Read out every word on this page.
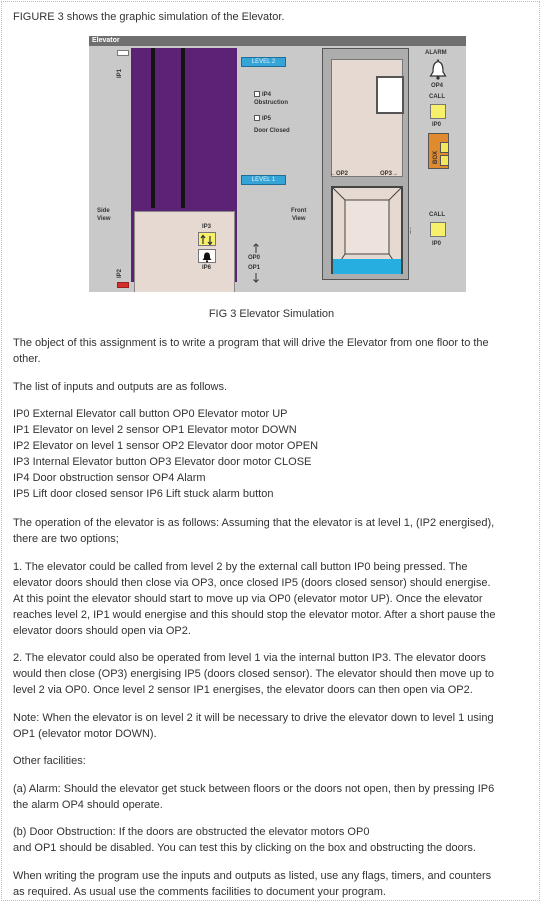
FIGURE 3 shows the graphic simulation of the Elevator.

Elevator
IP1
IP2
Side
View
IP3
IP6
LEVEL 2
IP4
Obstruction
IP5
Door Closed
LEVEL 1
Front
View
OP0
OP1
←OP2	OP3→
ALARM
OP4
CALL
IP0
BOX
CALL
IP0
FIG 3 Elevator Simulation

The object of this assignment is to write a program that will drive the Elevator from one floor to the
other.

The list of inputs and outputs are as follows.

IP0 External Elevator call button OP0 Elevator motor UP
IP1 Elevator on level 2 sensor OP1 Elevator motor DOWN
IP2 Elevator on level 1 sensor OP2 Elevator door motor OPEN
IP3 Internal Elevator button OP3 Elevator door motor CLOSE
IP4 Door obstruction sensor OP4 Alarm
IP5 Lift door closed sensor IP6 Lift stuck alarm button

The operation of the elevator is as follows: Assuming that the elevator is at level 1, (IP2 energised),
there are two options;

1. The elevator could be called from level 2 by the external call button IP0 being pressed. The
elevator doors should then close via OP3, once closed IP5 (doors closed sensor) should energise.
At this point the elevator should start to move up via OP0 (elevator motor UP). Once the elevator
reaches level 2, IP1 would energise and this should stop the elevator motor. After a short pause the
elevator doors should open via OP2.

2. The elevator could also be operated from level 1 via the internal button IP3. The elevator doors
would then close (OP3) energising IP5 (doors closed sensor). The elevator should then move up to
level 2 via OP0. Once level 2 sensor IP1 energises, the elevator doors can then open via OP2.

Note: When the elevator is on level 2 it will be necessary to drive the elevator down to level 1 using
OP1 (elevator motor DOWN).

Other facilities:

(a) Alarm: Should the elevator get stuck between floors or the doors not open, then by pressing IP6
the alarm OP4 should operate.

(b) Door Obstruction: If the doors are obstructed the elevator motors OP0
and OP1 should be disabled. You can test this by clicking on the box and obstructing the doors.

When writing the program use the inputs and outputs as listed, use any flags, timers, and counters
as required. As usual use the comments facilities to document your program.
